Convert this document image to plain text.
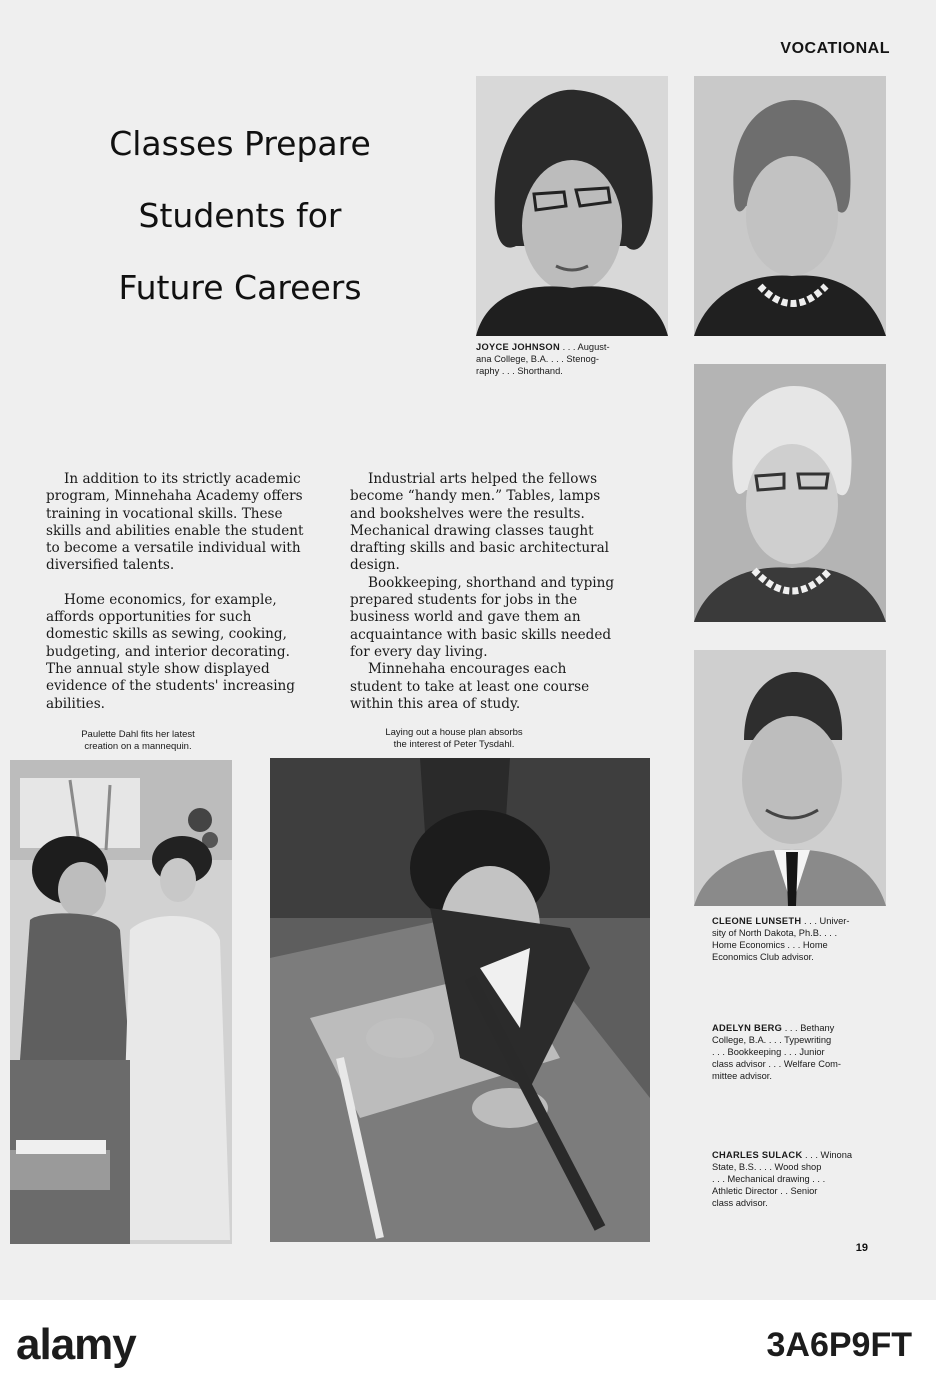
VOCATIONAL
Classes Prepare
Students for
Future Careers
JOYCE JOHNSON . . . August-
ana College, B.A. . . . Stenog-
raphy . . . Shorthand.

In addition to its strictly academic program, Minnehaha Academy offers training in vocational skills. These skills and abilities enable the student to become a versatile individual with diversified talents.

Home economics, for example, affords opportunities for such domestic skills as sewing, cooking, budgeting, and interior decorating. The annual style show displayed evidence of the students' increasing abilities.

Industrial arts helped the fellows become “handy men.” Tables, lamps and bookshelves were the results. Mechanical drawing classes taught drafting skills and basic architectural design.

Bookkeeping, shorthand and typing prepared students for jobs in the business world and gave them an acquaintance with basic skills needed for every day living.

Minnehaha encourages each student to take at least one course within this area of study.

Paulette Dahl fits her latest
creation on a mannequin.
Laying out a house plan absorbs
the interest of Peter Tysdahl.
CLEONE LUNSETH . . . Univer-
sity of North Dakota, Ph.B. . . .
Home Economics . . . Home
Economics Club advisor.
ADELYN BERG . . . Bethany
College, B.A. . . . Typewriting
. . . Bookkeeping . . . Junior
class advisor . . . Welfare Com-
mittee advisor.
CHARLES SULACK . . . Winona
State, B.S. . . . Wood shop
. . . Mechanical drawing . . .
Athletic Director . . Senior
class advisor.
19
alamy	3A6P9FT
